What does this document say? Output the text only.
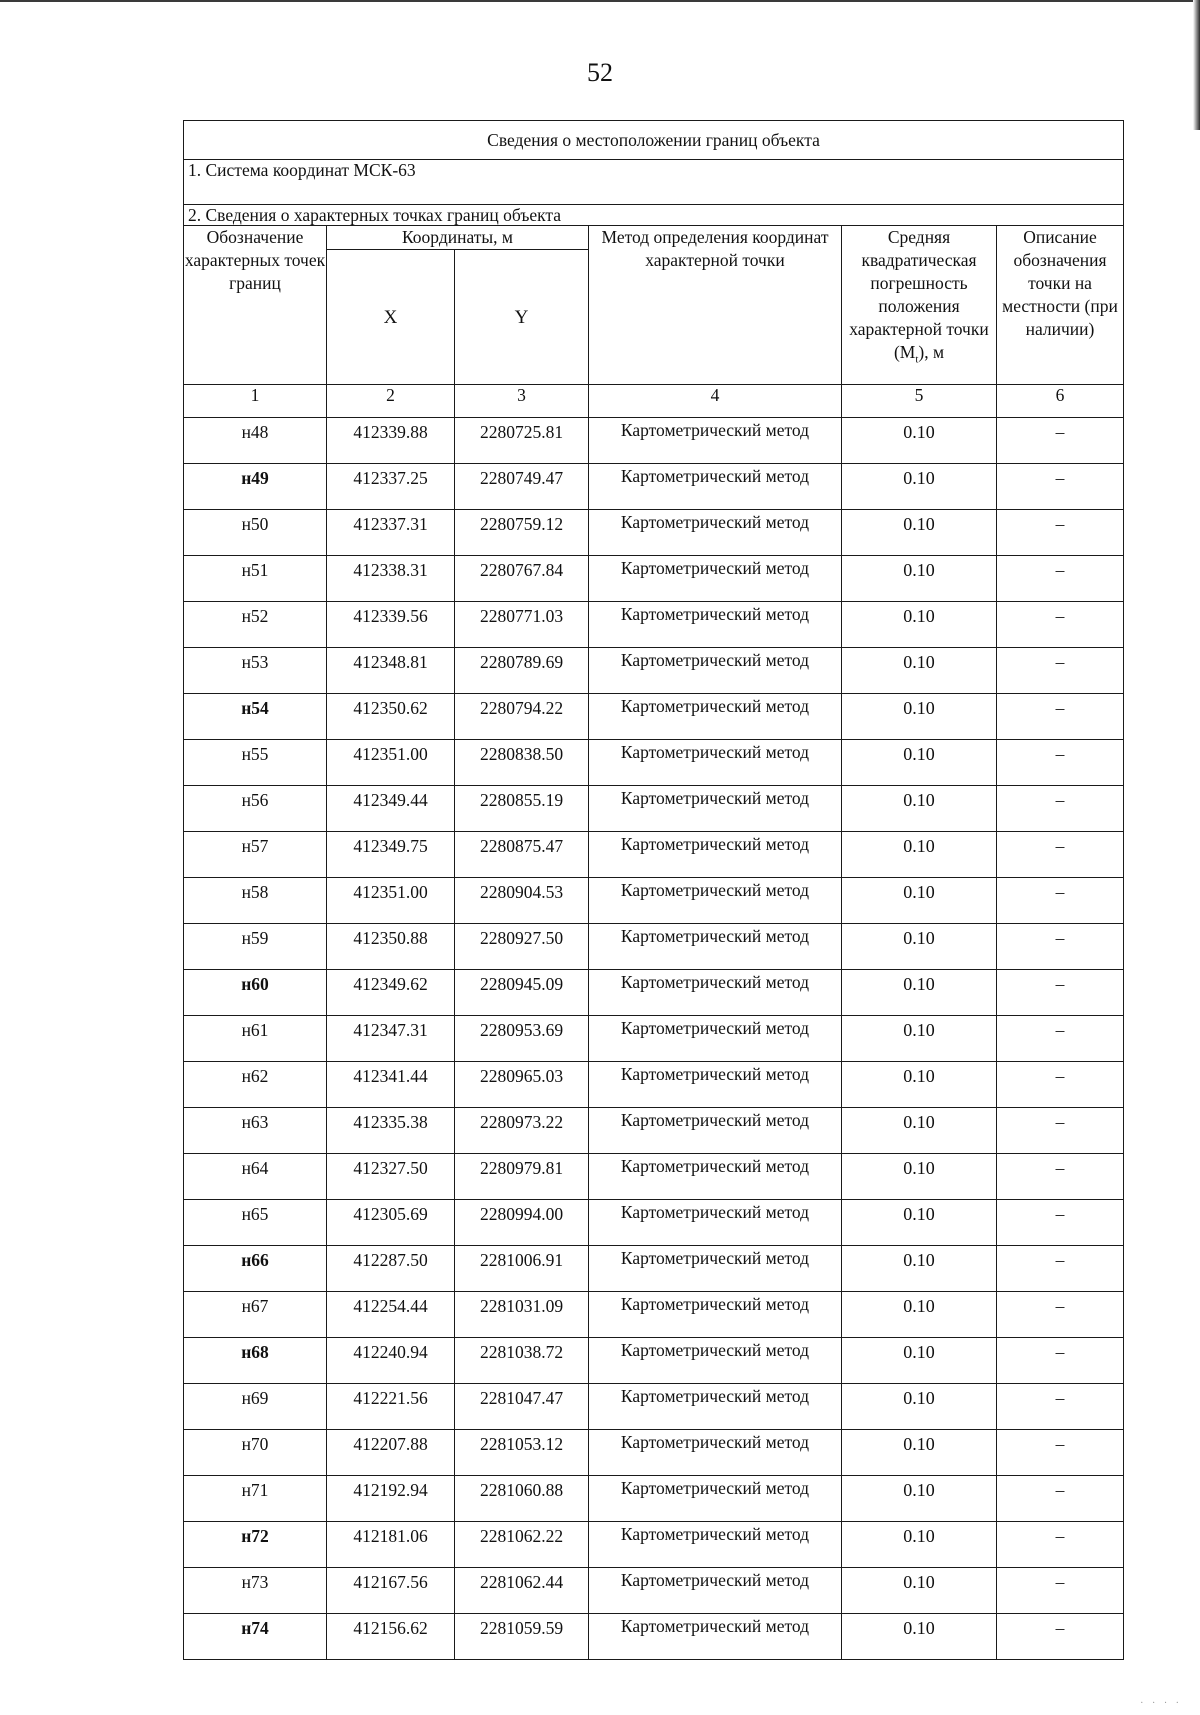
52
Сведения о местоположении границ объекта					
1. Система координат МСК-63					
2. Сведения о характерных точках границ объекта					
Обозначение характерных точек границ	Координаты, м		Метод определения координат характерной точки	Средняя квадратическая погрешность положения характерной точки $(M_t)$, м	Описание обозначения точки на местности (при наличии)
	X	Y			
1	2	3	4	5	6
н48	412339.88	2280725.81	Картометрический метод	0.10	–
н49	412337.25	2280749.47	Картометрический метод	0.10	–
н50	412337.31	2280759.12	Картометрический метод	0.10	–
н51	412338.31	2280767.84	Картометрический метод	0.10	–
н52	412339.56	2280771.03	Картометрический метод	0.10	–
н53	412348.81	2280789.69	Картометрический метод	0.10	–
н54	412350.62	2280794.22	Картометрический метод	0.10	–
н55	412351.00	2280838.50	Картометрический метод	0.10	–
н56	412349.44	2280855.19	Картометрический метод	0.10	–
н57	412349.75	2280875.47	Картометрический метод	0.10	–
н58	412351.00	2280904.53	Картометрический метод	0.10	–
н59	412350.88	2280927.50	Картометрический метод	0.10	–
н60	412349.62	2280945.09	Картометрический метод	0.10	–
н61	412347.31	2280953.69	Картометрический метод	0.10	–
н62	412341.44	2280965.03	Картометрический метод	0.10	–
н63	412335.38	2280973.22	Картометрический метод	0.10	–
н64	412327.50	2280979.81	Картометрический метод	0.10	–
н65	412305.69	2280994.00	Картометрический метод	0.10	–
н66	412287.50	2281006.91	Картометрический метод	0.10	–
н67	412254.44	2281031.09	Картометрический метод	0.10	–
н68	412240.94	2281038.72	Картометрический метод	0.10	–
н69	412221.56	2281047.47	Картометрический метод	0.10	–
н70	412207.88	2281053.12	Картометрический метод	0.10	–
н71	412192.94	2281060.88	Картометрический метод	0.10	–
н72	412181.06	2281062.22	Картометрический метод	0.10	–
н73	412167.56	2281062.44	Картометрический метод	0.10	–
н74	412156.62	2281059.59	Картометрический метод	0.10	–
· · · ·
